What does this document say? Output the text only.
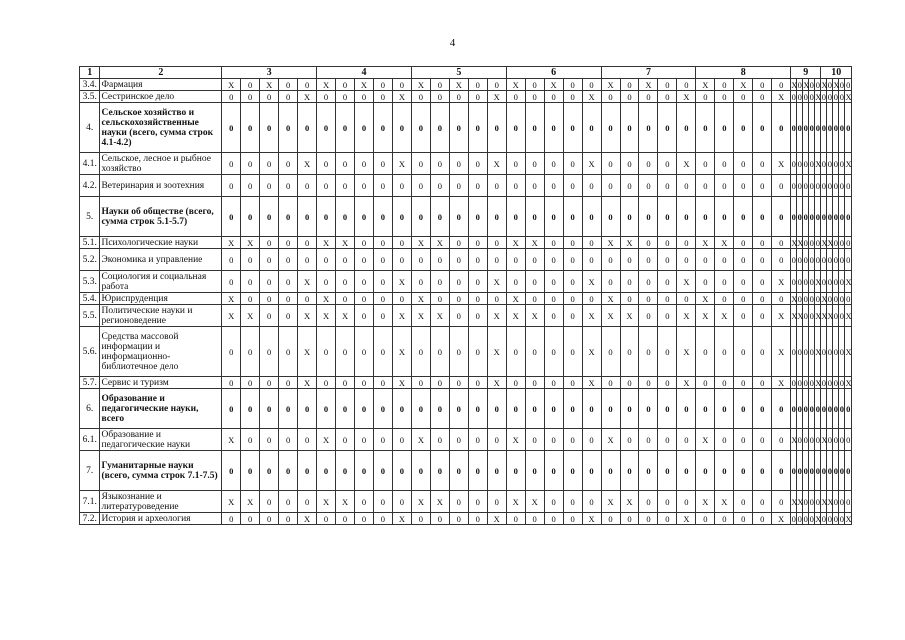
4
1	2	3					4					5					6					7					8					9					10				
3.4.	Фармация	X	0	X	0	0	X	0	X	0	0	X	0	X	0	0	X	0	X	0	0	X	0	X	0	0	X	0	X	0	0	X	0	X	0	0	X	0	X	0	0
3.5.	Сестринское дело	0	0	0	0	X	0	0	0	0	X	0	0	0	0	X	0	0	0	0	X	0	0	0	0	X	0	0	0	0	X	0	0	0	0	X	0	0	0	0	X
4.	Сельское хозяйство и сельскохозяйственные науки (всего, сумма строк 4.1-4.2)	0	0	0	0	0	0	0	0	0	0	0	0	0	0	0	0	0	0	0	0	0	0	0	0	0	0	0	0	0	0	0	0	0	0	0	0	0	0	0	0
4.1.	Сельское, лесное и рыбное хозяйство	0	0	0	0	X	0	0	0	0	X	0	0	0	0	X	0	0	0	0	X	0	0	0	0	X	0	0	0	0	X	0	0	0	0	X	0	0	0	0	X
4.2.	Ветеринария и зоотехния	0	0	0	0	0	0	0	0	0	0	0	0	0	0	0	0	0	0	0	0	0	0	0	0	0	0	0	0	0	0	0	0	0	0	0	0	0	0	0	0
5.	Науки об обществе (всего, сумма строк 5.1-5.7)	0	0	0	0	0	0	0	0	0	0	0	0	0	0	0	0	0	0	0	0	0	0	0	0	0	0	0	0	0	0	0	0	0	0	0	0	0	0	0	0
5.1.	Психологические науки	X	X	0	0	0	X	X	0	0	0	X	X	0	0	0	X	X	0	0	0	X	X	0	0	0	X	X	0	0	0	X	X	0	0	0	X	X	0	0	0
5.2.	Экономика и управление	0	0	0	0	0	0	0	0	0	0	0	0	0	0	0	0	0	0	0	0	0	0	0	0	0	0	0	0	0	0	0	0	0	0	0	0	0	0	0	0
5.3.	Социология и социальная работа	0	0	0	0	X	0	0	0	0	X	0	0	0	0	X	0	0	0	0	X	0	0	0	0	X	0	0	0	0	X	0	0	0	0	X	0	0	0	0	X
5.4.	Юриспруденция	X	0	0	0	0	X	0	0	0	0	X	0	0	0	0	X	0	0	0	0	X	0	0	0	0	X	0	0	0	0	X	0	0	0	0	X	0	0	0	0
5.5.	Политические науки и регионоведение	X	X	0	0	X	X	X	0	0	X	X	X	0	0	X	X	X	0	0	X	X	X	0	0	X	X	X	0	0	X	X	X	0	0	X	X	X	0	0	X
5.6.	Средства массовой информации и информационно-библиотечное дело	0	0	0	0	X	0	0	0	0	X	0	0	0	0	X	0	0	0	0	X	0	0	0	0	X	0	0	0	0	X	0	0	0	0	X	0	0	0	0	X
5.7.	Сервис и туризм	0	0	0	0	X	0	0	0	0	X	0	0	0	0	X	0	0	0	0	X	0	0	0	0	X	0	0	0	0	X	0	0	0	0	X	0	0	0	0	X
6.	Образование и педагогические науки, всего	0	0	0	0	0	0	0	0	0	0	0	0	0	0	0	0	0	0	0	0	0	0	0	0	0	0	0	0	0	0	0	0	0	0	0	0	0	0	0	0
6.1.	Образование и педагогические науки	X	0	0	0	0	X	0	0	0	0	X	0	0	0	0	X	0	0	0	0	X	0	0	0	0	X	0	0	0	0	X	0	0	0	0	X	0	0	0	0
7.	Гуманитарные науки (всего, сумма строк 7.1-7.5)	0	0	0	0	0	0	0	0	0	0	0	0	0	0	0	0	0	0	0	0	0	0	0	0	0	0	0	0	0	0	0	0	0	0	0	0	0	0	0	0
7.1.	Языкознание и литературоведение	X	X	0	0	0	X	X	0	0	0	X	X	0	0	0	X	X	0	0	0	X	X	0	0	0	X	X	0	0	0	X	X	0	0	0	X	X	0	0	0
7.2.	История и археология	0	0	0	0	X	0	0	0	0	X	0	0	0	0	X	0	0	0	0	X	0	0	0	0	X	0	0	0	0	X	0	0	0	0	X	0	0	0	0	X
